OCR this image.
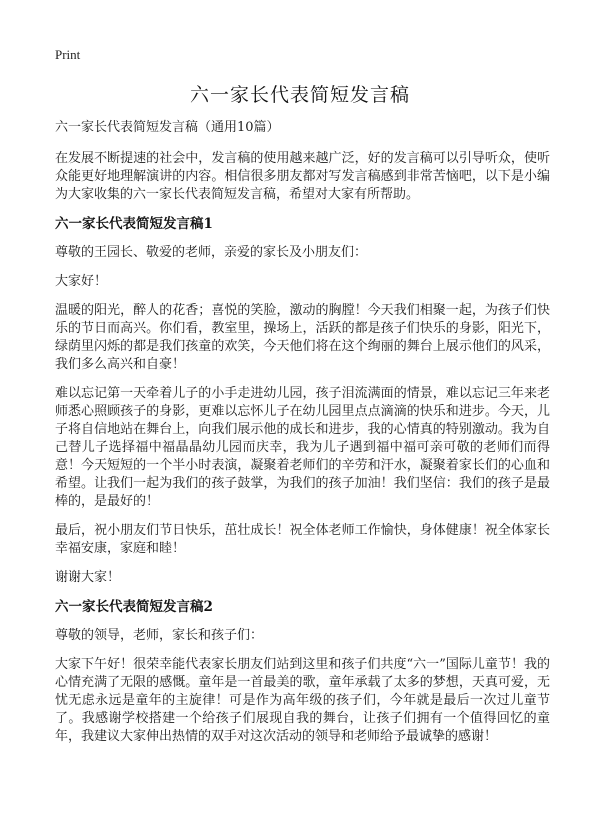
Print
六一家长代表简短发言稿

六一家长代表简短发言稿（通用10篇）

在发展不断提速的社会中，发言稿的使用越来越广泛，好的发言稿可以引导听众，使听众能更好地理解演讲的内容。相信很多朋友都对写发言稿感到非常苦恼吧，以下是小编为大家收集的六一家长代表简短发言稿，希望对大家有所帮助。

六一家长代表简短发言稿1

尊敬的王园长、敬爱的老师，亲爱的家长及小朋友们：

大家好！

温暖的阳光，醉人的花香；喜悦的笑脸，激动的胸膛！今天我们相聚一起，为孩子们快乐的节日而高兴。你们看，教室里，操场上，活跃的都是孩子们快乐的身影，阳光下，绿荫里闪烁的都是我们孩童的欢笑，今天他们将在这个绚丽的舞台上展示他们的风采，我们多么高兴和自豪！

难以忘记第一天牵着儿子的小手走进幼儿园，孩子泪流满面的情景，难以忘记三年来老师悉心照顾孩子的身影，更难以忘怀儿子在幼儿园里点点滴滴的快乐和进步。今天，儿子将自信地站在舞台上，向我们展示他的成长和进步，我的心情真的特别激动。我为自己替儿子选择福中福晶晶幼儿园而庆幸，我为儿子遇到福中福可亲可敬的老师们而得意！今天短短的一个半小时表演，凝聚着老师们的辛劳和汗水，凝聚着家长们的心血和希望。让我们一起为我们的孩子鼓掌，为我们的孩子加油！我们坚信：我们的孩子是最棒的，是最好的！

最后，祝小朋友们节日快乐，茁壮成长！祝全体老师工作愉快，身体健康！祝全体家长幸福安康，家庭和睦！

谢谢大家！

六一家长代表简短发言稿2

尊敬的领导，老师，家长和孩子们：

大家下午好！很荣幸能代表家长朋友们站到这里和孩子们共度“六一”国际儿童节！我的心情充满了无限的感慨。童年是一首最美的歌，童年承载了太多的梦想，天真可爱，无忧无虑永远是童年的主旋律！可是作为高年级的孩子们，今年就是最后一次过儿童节了。我感谢学校搭建一个给孩子们展现自我的舞台，让孩子们拥有一个值得回忆的童年，我建议大家伸出热情的双手对这次活动的领导和老师给予最诚挚的感谢！
